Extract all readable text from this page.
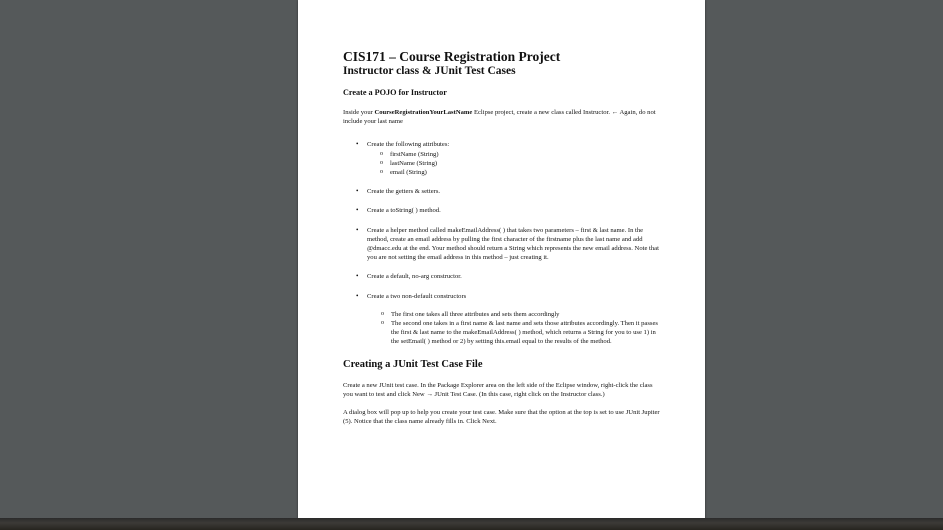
CIS171 – Course Registration Project
Instructor class & JUnit Test Cases
Create a POJO for Instructor

Inside your CourseRegistrationYourLastName Eclipse project, create a new class called Instructor. ← Again, do not include your last name

• Create the following attributes:
o firstName (String)
o lastName (String)
o email (String)
• Create the getters & setters.
• Create a toString( ) method.
• Create a helper method called makeEmailAddress( ) that takes two parameters – first & last name. In the method, create an email address by pulling the first character of the firstname plus the last name and add @dmacc.edu at the end. Your method should return a String which represents the new email address. Note that you are not setting the email address in this method – just creating it.
• Create a default, no-arg constructor.
• Create a two non-default constructors
o The first one takes all three attributes and sets them accordingly
o The second one takes in a first name & last name and sets those attributes accordingly. Then it passes the first & last name to the makeEmailAddress( ) method, which returns a String for you to use 1) in the setEmail( ) method or 2) by setting this.email equal to the results of the method.
Creating a JUnit Test Case File

Create a new JUnit test case. In the Package Explorer area on the left side of the Eclipse window, right-click the class you want to test and click New → JUnit Test Case. (In this case, right click on the Instructor class.)

A dialog box will pop up to help you create your test case. Make sure that the option at the top is set to use JUnit Jupiter (5). Notice that the class name already fills in. Click Next.
